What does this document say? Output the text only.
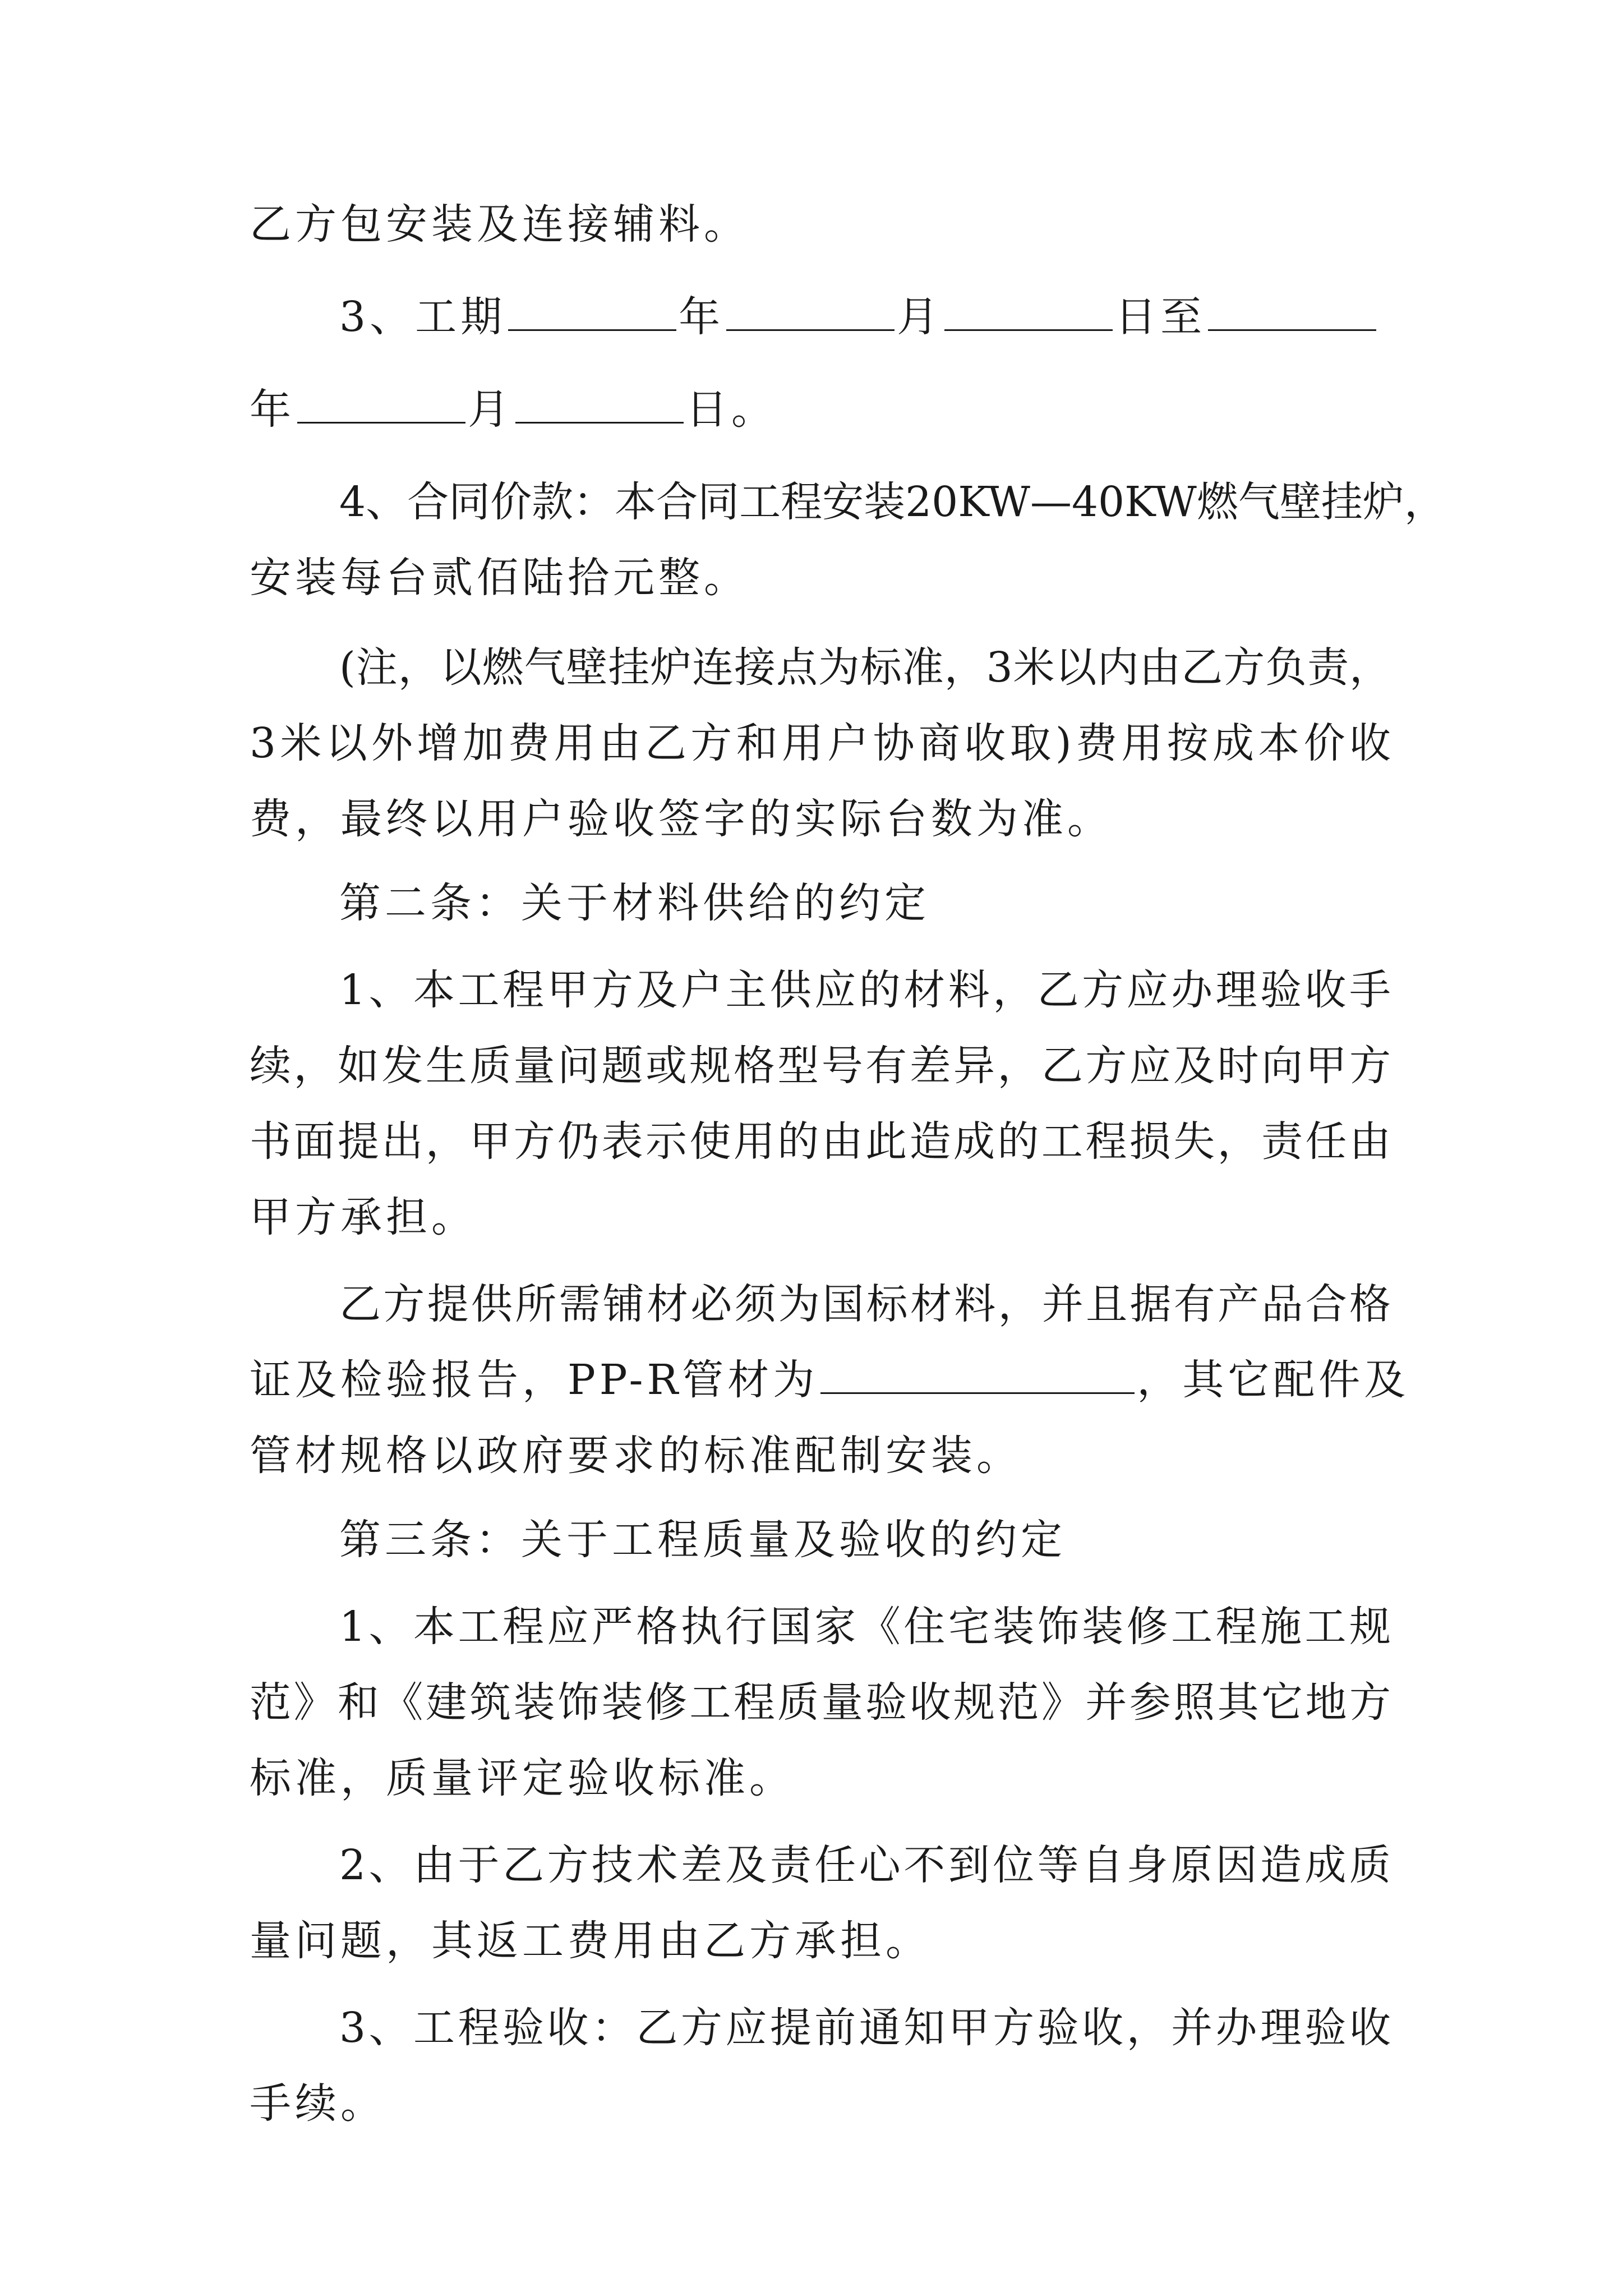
乙方包安装及连接辅料。
3、工期	年	月	日至
年	月	日。
4、合同价款：本合同工程安装20KW—40KW燃气壁挂炉，
安装每台贰佰陆拾元整。
(注，以燃气壁挂炉连接点为标准，3米以内由乙方负责，
3米以外增加费用由乙方和用户协商收取)费用按成本价收
费，最终以用户验收签字的实际台数为准。
第二条：关于材料供给的约定
1、本工程甲方及户主供应的材料，乙方应办理验收手
续，如发生质量问题或规格型号有差异，乙方应及时向甲方
书面提出，甲方仍表示使用的由此造成的工程损失，责任由
甲方承担。
乙方提供所需铺材必须为国标材料，并且据有产品合格
证及检验报告，PP-R管材为	，其它配件及
管材规格以政府要求的标准配制安装。
第三条：关于工程质量及验收的约定
1、本工程应严格执行国家《住宅装饰装修工程施工规
范》和《建筑装饰装修工程质量验收规范》并参照其它地方
标准，质量评定验收标准。
2、由于乙方技术差及责任心不到位等自身原因造成质
量问题，其返工费用由乙方承担。
3、工程验收：乙方应提前通知甲方验收，并办理验收
手续。
